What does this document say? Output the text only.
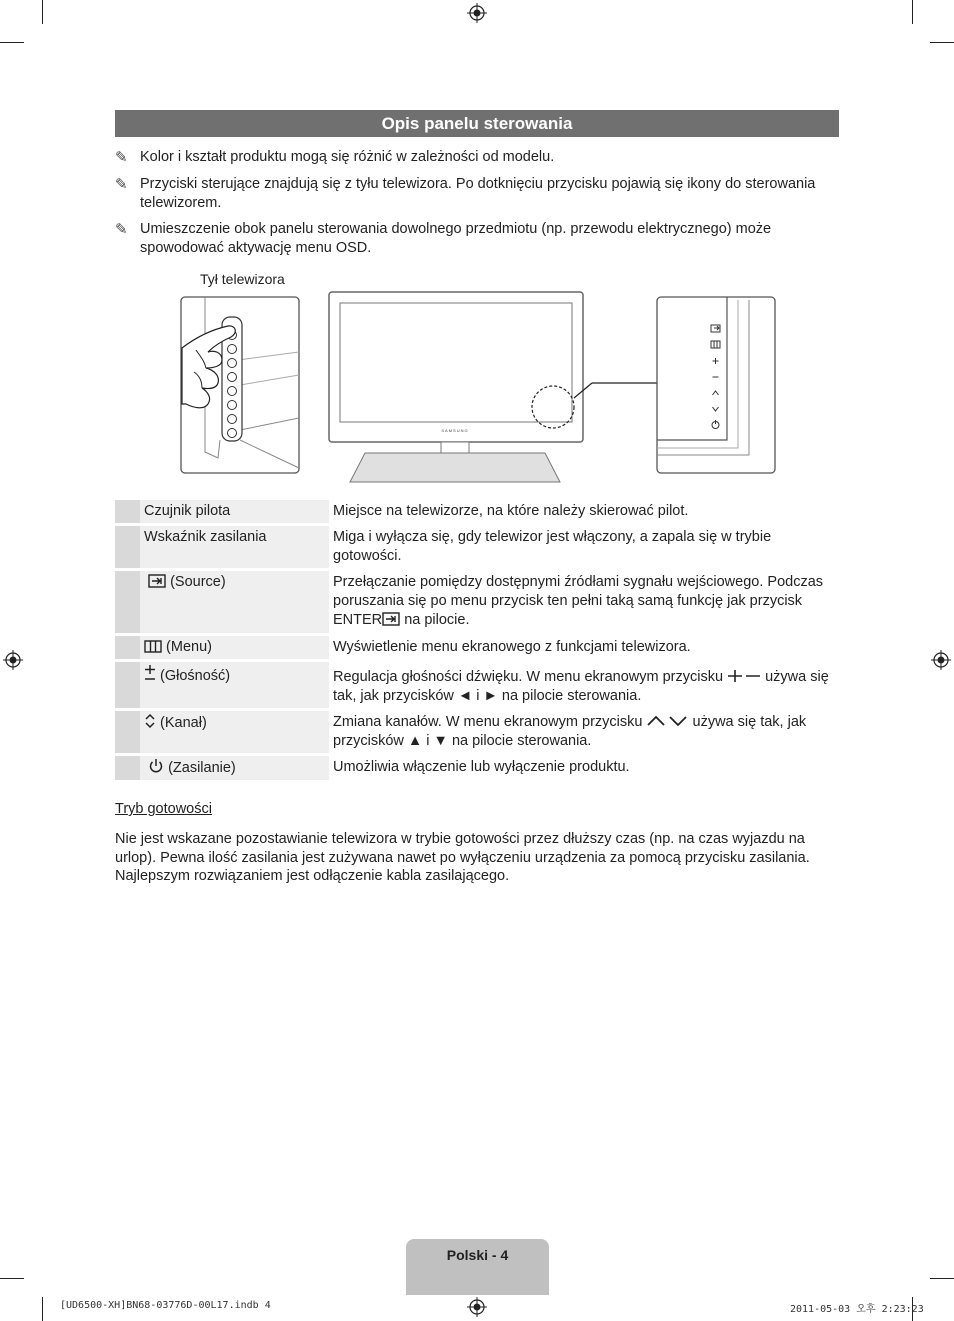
Opis panelu sterowania
✎ Kolor i kształt produktu mogą się różnić w zależności od modelu.
✎ Przyciski sterujące znajdują się z tyłu telewizora. Po dotknięciu przycisku pojawią się ikony do sterowania telewizorem.
✎ Umieszczenie obok panelu sterowania dowolnego przedmiotu (np. przewodu elektrycznego) może spowodować aktywację menu OSD.
Tył telewizora
SAMSUNG
	Czujnik pilota	Miejsce na telewizorze, na które należy skierować pilot.
	Wskaźnik zasilania	Miga i wyłącza się, gdy telewizor jest włączony, a zapala się w trybie gotowości.
	(Source)	Przełączanie pomiędzy dostępnymi źródłami sygnału wejściowego. Podczas poruszania się po menu przycisk ten pełni taką samą funkcję jak przycisk
ENTER na pilocie.
	(Menu)	Wyświetlenie menu ekranowego z funkcjami telewizora.
	(Głośność)	Regulacja głośności dźwięku. W menu ekranowym przycisku używa się tak, jak przycisków ◄ i ► na pilocie sterowania.
	(Kanał)	Zmiana kanałów. W menu ekranowym przycisku używa się tak, jak przycisków ▲ i ▼ na pilocie sterowania.
	(Zasilanie)	Umożliwia włączenie lub wyłączenie produktu.
Tryb gotowości
Nie jest wskazane pozostawianie telewizora w trybie gotowości przez dłuższy czas (np. na czas wyjazdu na urlop). Pewna ilość zasilania jest zużywana nawet po wyłączeniu urządzenia za pomocą przycisku zasilania. Najlepszym rozwiązaniem jest odłączenie kabla zasilającego.
Polski - 4
[UD6500-XH]BN68-03776D-00L17.indb 4	2011-05-03 오후 2:23:23
